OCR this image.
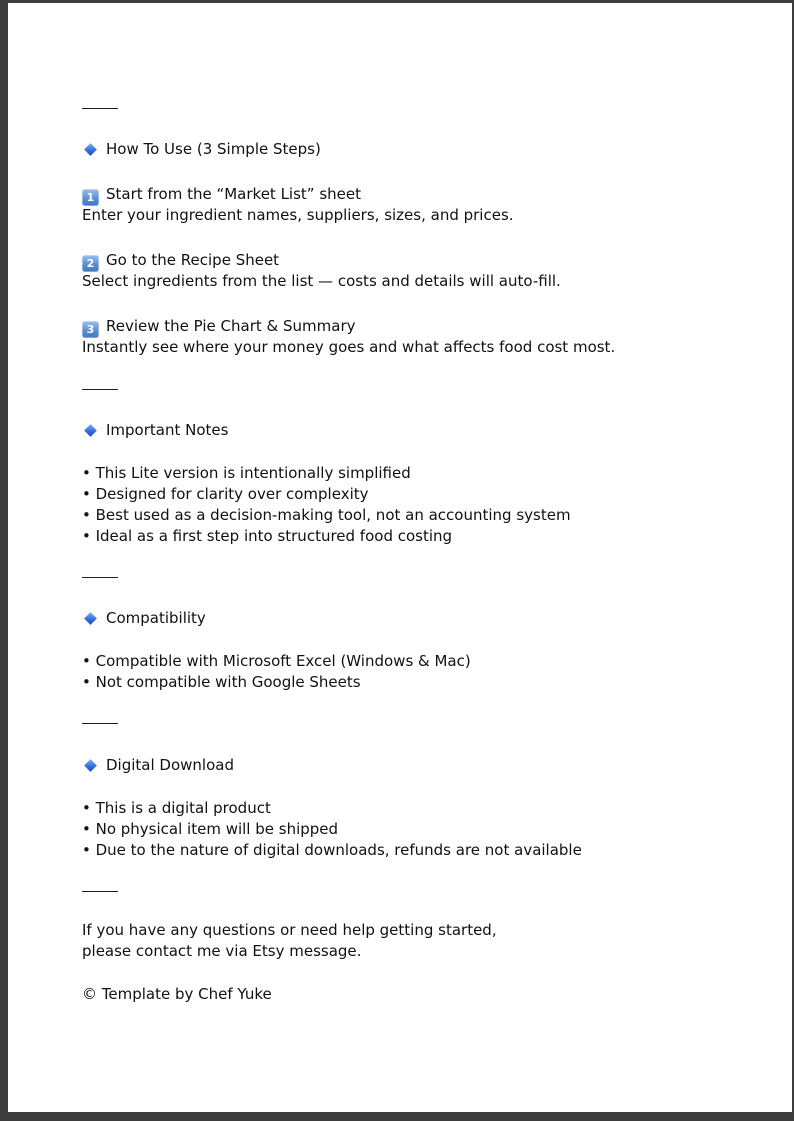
How To Use (3 Simple Steps)
1 Start from the “Market List” sheet
Enter your ingredient names, suppliers, sizes, and prices.
2 Go to the Recipe Sheet
Select ingredients from the list — costs and details will auto-fill.
3 Review the Pie Chart & Summary
Instantly see where your money goes and what affects food cost most.
Important Notes
• This Lite version is intentionally simplified
• Designed for clarity over complexity
• Best used as a decision-making tool, not an accounting system
• Ideal as a first step into structured food costing
Compatibility
• Compatible with Microsoft Excel (Windows & Mac)
• Not compatible with Google Sheets
Digital Download
• This is a digital product
• No physical item will be shipped
• Due to the nature of digital downloads, refunds are not available
If you have any questions or need help getting started,
please contact me via Etsy message.
© Template by Chef Yuke
